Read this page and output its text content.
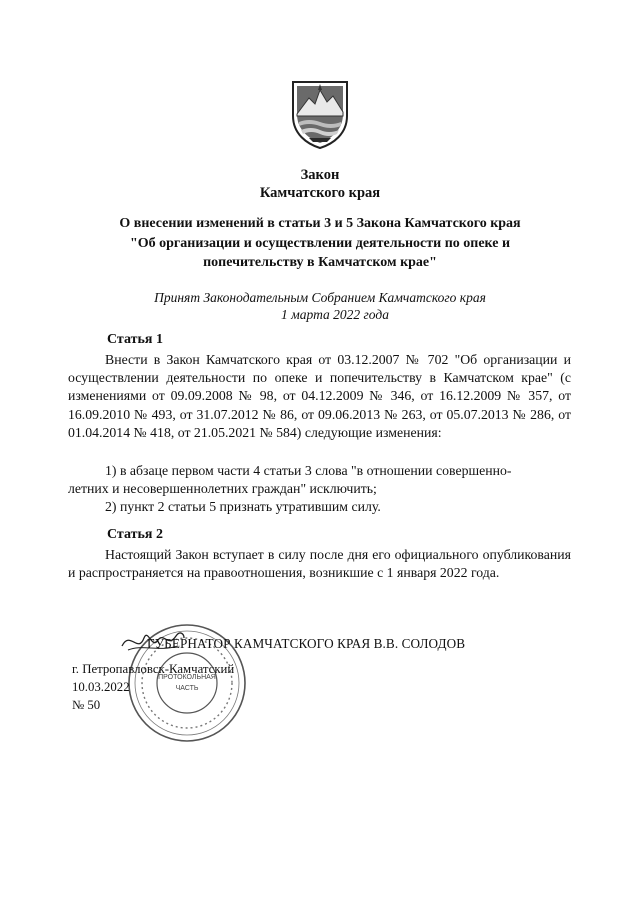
Закон
Камчатского края
О внесении изменений в статьи 3 и 5 Закона Камчатского края
"Об организации и осуществлении деятельности по опеке и
попечительству в Камчатском крае"
Принят Законодательным Собранием Камчатского края
1 марта 2022 года
Статья 1

Внести в Закон Камчатского края от 03.12.2007 № 702 "Об организации и осуществлении деятельности по опеке и попечительству в Камчатском крае" (с изменениями от 09.09.2008 № 98, от 04.12.2009 № 346, от 16.12.2009 № 357, от 16.09.2010 № 493, от 31.07.2012 № 86, от 09.06.2013 № 263, от 05.07.2013 № 286, от 01.04.2014 № 418, от 21.05.2021 № 584) следующие изменения:

1) в абзаце первом части 4 статьи 3 слова "в отношении совершенно-

летних и несовершеннолетних граждан" исключить;

2) пункт 2 статьи 5 признать утратившим силу.

Статья 2

Настоящий Закон вступает в силу после дня его официального опубликования и распространяется на правоотношения, возникшие с 1 января 2022 года.

ПРОТОКОЛЬНАЯ
ЧАСТЬ
ГУБЕРНАТОР КАМЧАТСКОГО КРАЯ В.В. СОЛОДОВ
г. Петропавловск-Камчатский
10.03.2022
№ 50
